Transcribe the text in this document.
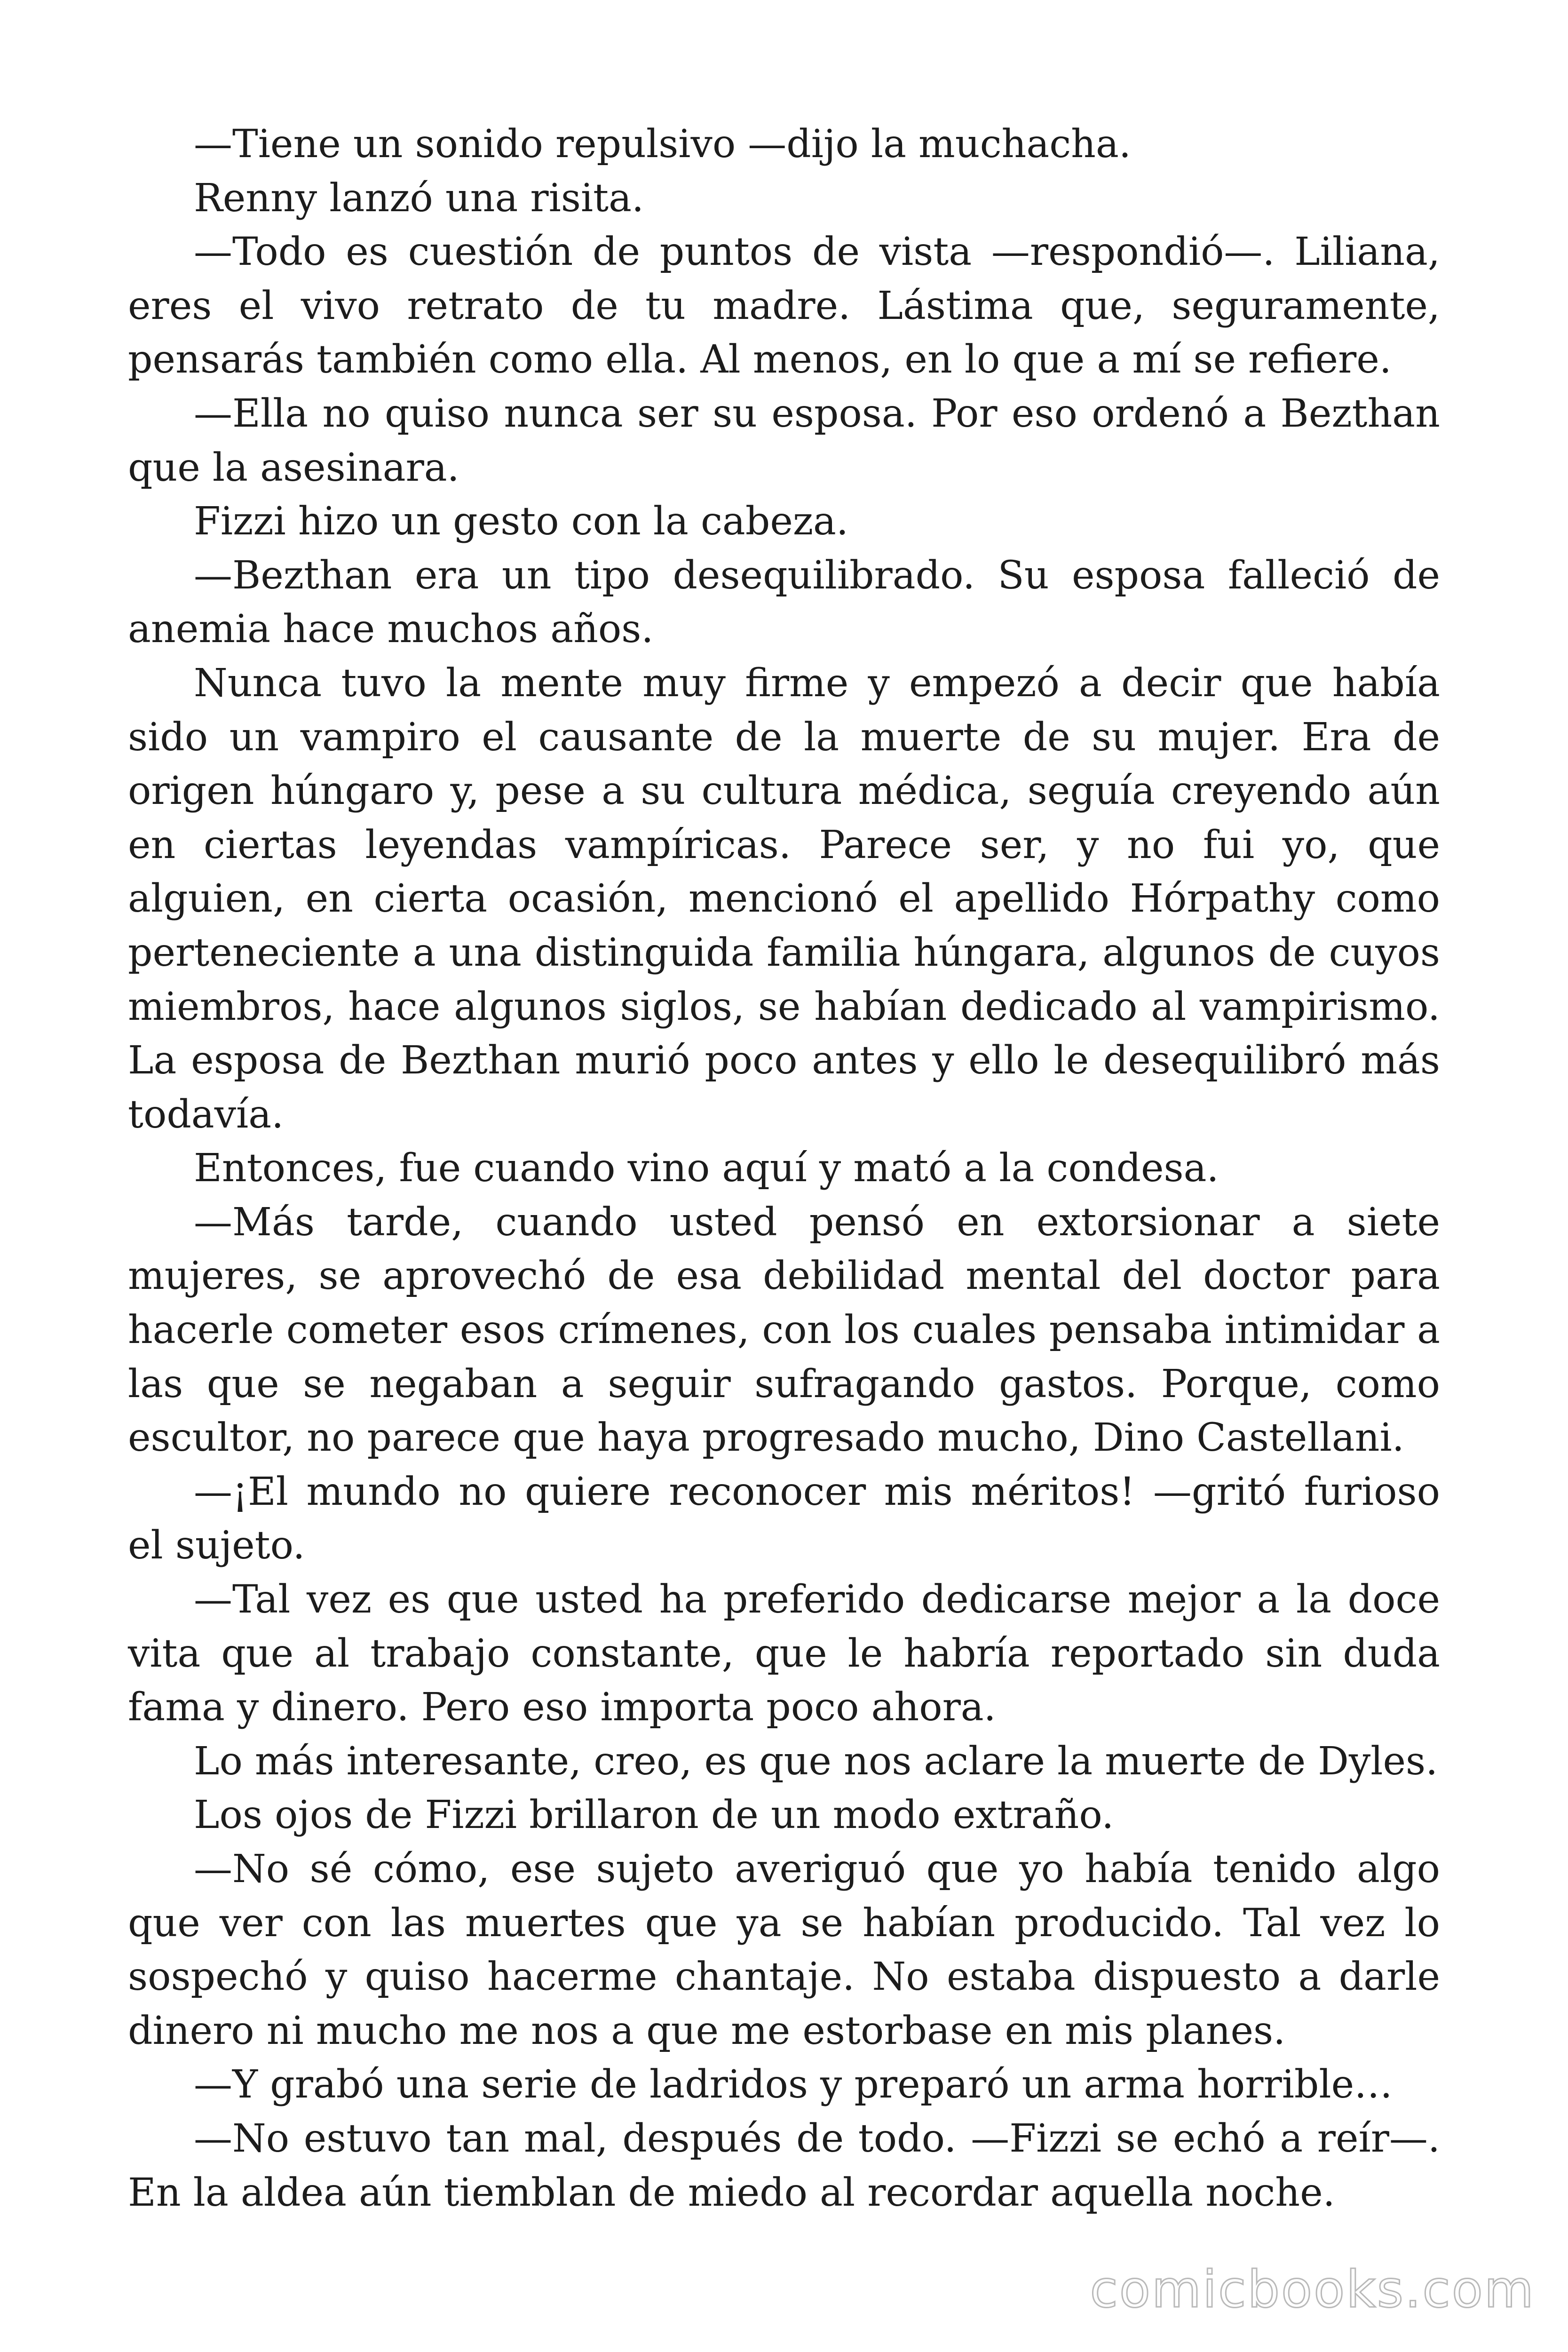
—Tiene un sonido repulsivo —dijo la muchacha.

Renny lanzó una risita.

—Todo es cuestión de puntos de vista —respondió—. Liliana, eres el vivo retrato de tu madre. Lástima que, seguramente, pensarás también como ella. Al menos, en lo que a mí se refiere.

—Ella no quiso nunca ser su esposa. Por eso ordenó a Bezthan que la asesinara.

Fizzi hizo un gesto con la cabeza.

—Bezthan era un tipo desequilibrado. Su esposa falleció de anemia hace muchos años.

Nunca tuvo la mente muy firme y empezó a decir que había sido un vampiro el causante de la muerte de su mujer. Era de origen húngaro y, pese a su cultura médica, seguía creyendo aún en ciertas leyendas vampíricas. Parece ser, y no fui yo, que alguien, en cierta ocasión, mencionó el apellido Hórpathy como perteneciente a una distinguida familia húngara, algunos de cuyos miembros, hace algunos siglos, se habían dedicado al vampirismo. La esposa de Bezthan murió poco antes y ello le desequilibró más todavía.

Entonces, fue cuando vino aquí y mató a la condesa.

—Más tarde, cuando usted pensó en extorsionar a siete mujeres, se aprovechó de esa debilidad mental del doctor para hacerle cometer esos crímenes, con los cuales pensaba intimidar a las que se negaban a seguir sufragando gastos. Porque, como escultor, no parece que haya progresado mucho, Dino Castellani.

—¡El mundo no quiere reconocer mis méritos! —gritó furioso el sujeto.

—Tal vez es que usted ha preferido dedicarse mejor a la doce vita que al trabajo constante, que le habría reportado sin duda fama y dinero. Pero eso importa poco ahora.

Lo más interesante, creo, es que nos aclare la muerte de Dyles.

Los ojos de Fizzi brillaron de un modo extraño.

—No sé cómo, ese sujeto averiguó que yo había tenido algo que ver con las muertes que ya se habían producido. Tal vez lo sospechó y quiso hacerme chantaje. No estaba dispuesto a darle dinero ni mucho me nos a que me estorbase en mis planes.

—Y grabó una serie de ladridos y preparó un arma horrible…

—No estuvo tan mal, después de todo. —Fizzi se echó a reír—. En la aldea aún tiemblan de miedo al recordar aquella noche.

comicbooks.com
